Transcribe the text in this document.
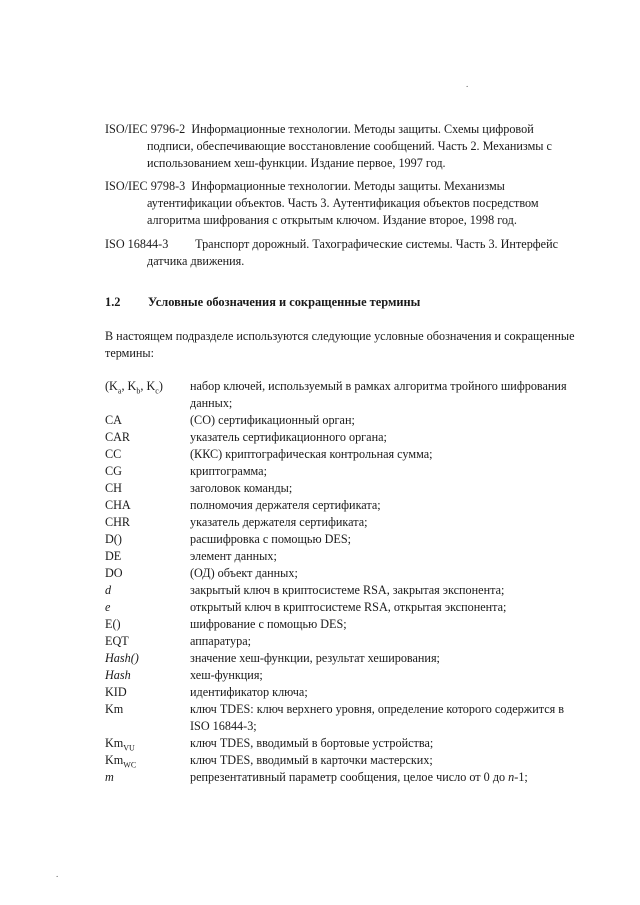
.
.
ISO/IEC 9796-2 Информационные технологии. Методы защиты. Схемы цифровой
подписи, обеспечивающие восстановление сообщений. Часть 2. Механизмы с
использованием хеш-функции. Издание первое, 1997 год.
ISO/IEC 9798-3 Информационные технологии. Методы защиты. Механизмы
аутентификации объектов. Часть 3. Аутентификация объектов посредством
алгоритма шифрования с открытым ключом. Издание второе, 1998 год.
ISO 16844-3 Транспорт дорожный. Тахографические системы. Часть 3. Интерфейс
датчика движения.
1.2 Условные обозначения и сокращенные термины
В настоящем подразделе используются следующие условные обозначения и сокращенные термины:
($K_a$, $K_b$, $K_c$)	набор ключей, используемый в рамках алгоритма тройного шифрования
данных;
CA	(СО) сертификационный орган;
CAR	указатель сертификационного органа;
CC	(ККС) криптографическая контрольная сумма;
CG	криптограмма;
CH	заголовок команды;
CHA	полномочия держателя сертификата;
CHR	указатель держателя сертификата;
D()	расшифровка с помощью DES;
DE	элемент данных;
DO	(ОД) объект данных;
d	закрытый ключ в криптосистеме RSA, закрытая экспонента;
e	открытый ключ в криптосистеме RSA, открытая экспонента;
E()	шифрование с помощью DES;
EQT	аппаратура;
Hash()	значение хеш-функции, результат хеширования;
Hash	хеш-функция;
KID	идентификатор ключа;
Km	ключ TDES: ключ верхнего уровня, определение которого содержится в
ISO 16844-3;
$Km_{VU}$	ключ TDES, вводимый в бортовые устройства;
$Km_{WC}$	ключ TDES, вводимый в карточки мастерских;
m	репрезентативный параметр сообщения, целое число от 0 до n-1;
